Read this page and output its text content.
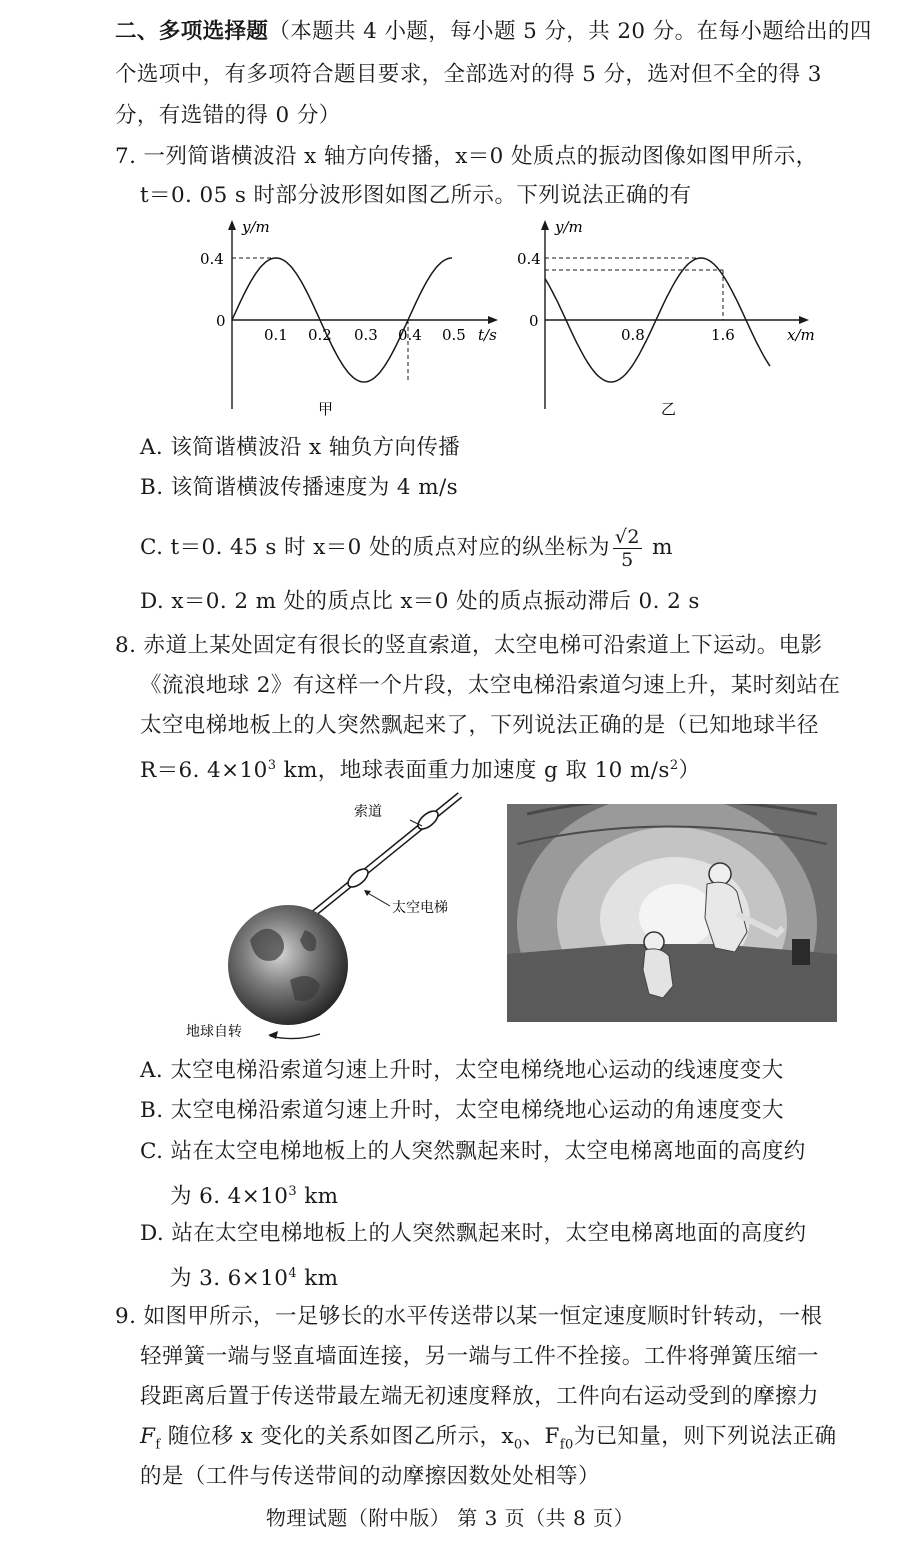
二、多项选择题（本题共 4 小题，每小题 5 分，共 20 分。在每小题给出的四
个选项中，有多项符合题目要求，全部选对的得 5 分，选对但不全的得 3
分，有选错的得 0 分）
7. 一列简谐横波沿 x 轴方向传播，x＝0 处质点的振动图像如图甲所示，
t＝0. 05 s 时部分波形图如图乙所示。下列说法正确的有
y/m
0.4
0
0.1 0.2 0.3 0.4 0.5 t/s
甲
y/m
0.4
0
0.8	1.6	x/m
乙
A. 该简谐横波沿 x 轴负方向传播
B. 该简谐横波传播速度为 4 m/s
C. t＝0. 45 s 时 x＝0 处的质点对应的纵坐标为 $\frac{√2}{5}$ m
D. x＝0. 2 m 处的质点比 x＝0 处的质点振动滞后 0. 2 s
8. 赤道上某处固定有很长的竖直索道，太空电梯可沿索道上下运动。电影
《流浪地球 2》有这样一个片段，太空电梯沿索道匀速上升，某时刻站在
太空电梯地板上的人突然飘起来了，下列说法正确的是（已知地球半径
R＝6. $4\times 10^3$ km，地球表面重力加速度 g 取 10 $m/s^2$）
索道
太空电梯
地球自转
A. 太空电梯沿索道匀速上升时，太空电梯绕地心运动的线速度变大
B. 太空电梯沿索道匀速上升时，太空电梯绕地心运动的角速度变大
C. 站在太空电梯地板上的人突然飘起来时，太空电梯离地面的高度约
为 6. $4\times 10^3$ km
D. 站在太空电梯地板上的人突然飘起来时，太空电梯离地面的高度约
为 3. $6\times 10^4$ km
9. 如图甲所示，一足够长的水平传送带以某一恒定速度顺时针转动，一根
轻弹簧一端与竖直墙面连接，另一端与工件不拴接。工件将弹簧压缩一
段距离后置于传送带最左端无初速度释放，工件向右运动受到的摩擦力
$F_f$ 随位移 x 变化的关系如图乙所示，$x_0$、$F_{f0}$为已知量，则下列说法正确
的是（工件与传送带间的动摩擦因数处处相等）
物理试题（附中版） 第 3 页（共 8 页）
